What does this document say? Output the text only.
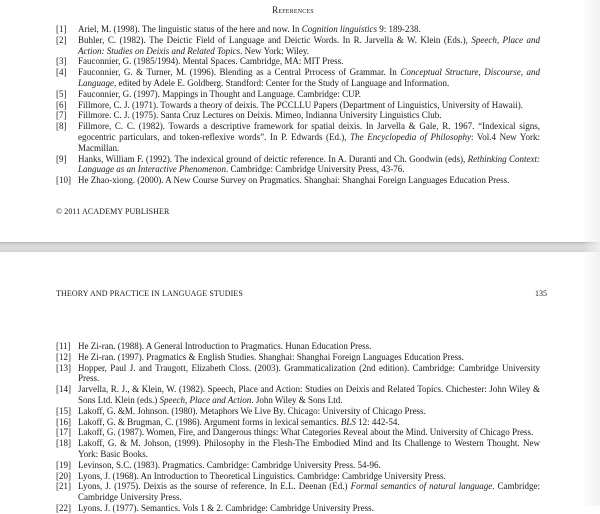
References
[1] Ariel, M. (1998). The linguistic status of the here and now. In Cognition linguistics 9: 189-238.
[2] Buhler, C. (1982). The Deictic Field of Language and Deictic Words. In R. Jarvella & W. Klein (Eds.), Speech, Place and Action: Studies on Deixis and Related Topics. New York: Wiley.
[3] Fauconnier, G. (1985/1994). Mental Spaces. Cambridge, MA: MIT Press.
[4] Fauconnier, G. & Turner, M. (1996). Blending as a Central Prrocess of Grammar. In Conceptual Structure, Discourse, and Language, edited by Adele E. Goldberg. Standford: Center for the Study of Language and Information.
[5] Fauconnier, G. (1997). Mappings in Thought and Language. Cambridge: CUP.
[6] Fillmore, C. J. (1971). Towards a theory of deixis. The PCCLLU Papers (Department of Linguistics, University of Hawaii).
[7] Fillmore. C. J. (1975). Santa Cruz Lectures on Deixis. Mimeo, Indianna University Linguistics Club.
[8] Fillmore, C. C. (1982). Towards a descriptive framework for spatial deixis. In Jarvella & Gale, R. 1967. “Indexical signs, egocentric particulars, and token-reflexive words”. In P. Edwards (Ed.), The Encyclopedia of Philosophy: Vol.4 New York: Macmillan.
[9] Hanks, William F. (1992). The indexical ground of deictic reference. In A. Duranti and Ch. Goodwin (eds), Rethinking Context: Language as an Interactive Phenomenon. Cambridge: Cambridge University Press, 43-76.
[10] He Zhao-xiong. (2000). A New Course Survey on Pragmatics. Shanghai: Shanghai Foreign Languages Education Press.
© 2011 ACADEMY PUBLISHER
THEORY AND PRACTICE IN LANGUAGE STUDIES	135
[11] He Zi-ran. (1988). A General Introduction to Pragmatics. Hunan Education Press.
[12] He Zi-ran. (1997). Pragmatics & English Studies. Shanghai: Shanghai Foreign Languages Education Press.
[13] Hopper, Paul J. and Traugott, Elizabeth Closs. (2003). Grammaticalization (2nd edition). Cambridge: Cambridge University Press.
[14] Jarvella, R. J., & Klein, W. (1982). Speech, Place and Action: Studies on Deixis and Related Topics. Chichester: John Wiley & Sons Ltd. Klein (eds.) Speech, Place and Action. John Wiley & Sons Ltd.
[15] Lakoff, G. &M. Johnson. (1980). Metaphors We Live By. Chicago: University of Chicago Press.
[16] Lakoff, G. & Brugman, C. (1986). Argument forms in lexical semantics. BLS 12: 442-54.
[17] Lakoff, G. (1987). Women, Fire, and Dangerous things: What Categories Reveal about the Mind. University of Chicago Press.
[18] Lakoff, G. & M. Johson, (1999). Philosophy in the Flesh-The Embodied Mind and Its Challenge to Western Thought. New York: Basic Books.
[19] Levinson, S.C. (1983). Pragmatics. Cambridge: Cambridge University Press. 54-96.
[20] Lyons, J. (1968). An Introduction to Theoretical Linguistics. Cambridge: Cambridge University Press.
[21] Lyons, J. (1975). Deixis as the sourse of reference. In E.L. Deenan (Ed.) Formal semantics of natural language. Cambridge: Cambridge University Press.
[22] Lyons. J. (1977). Semantics. Vols 1 & 2. Cambridge: Cambridge University Press.
